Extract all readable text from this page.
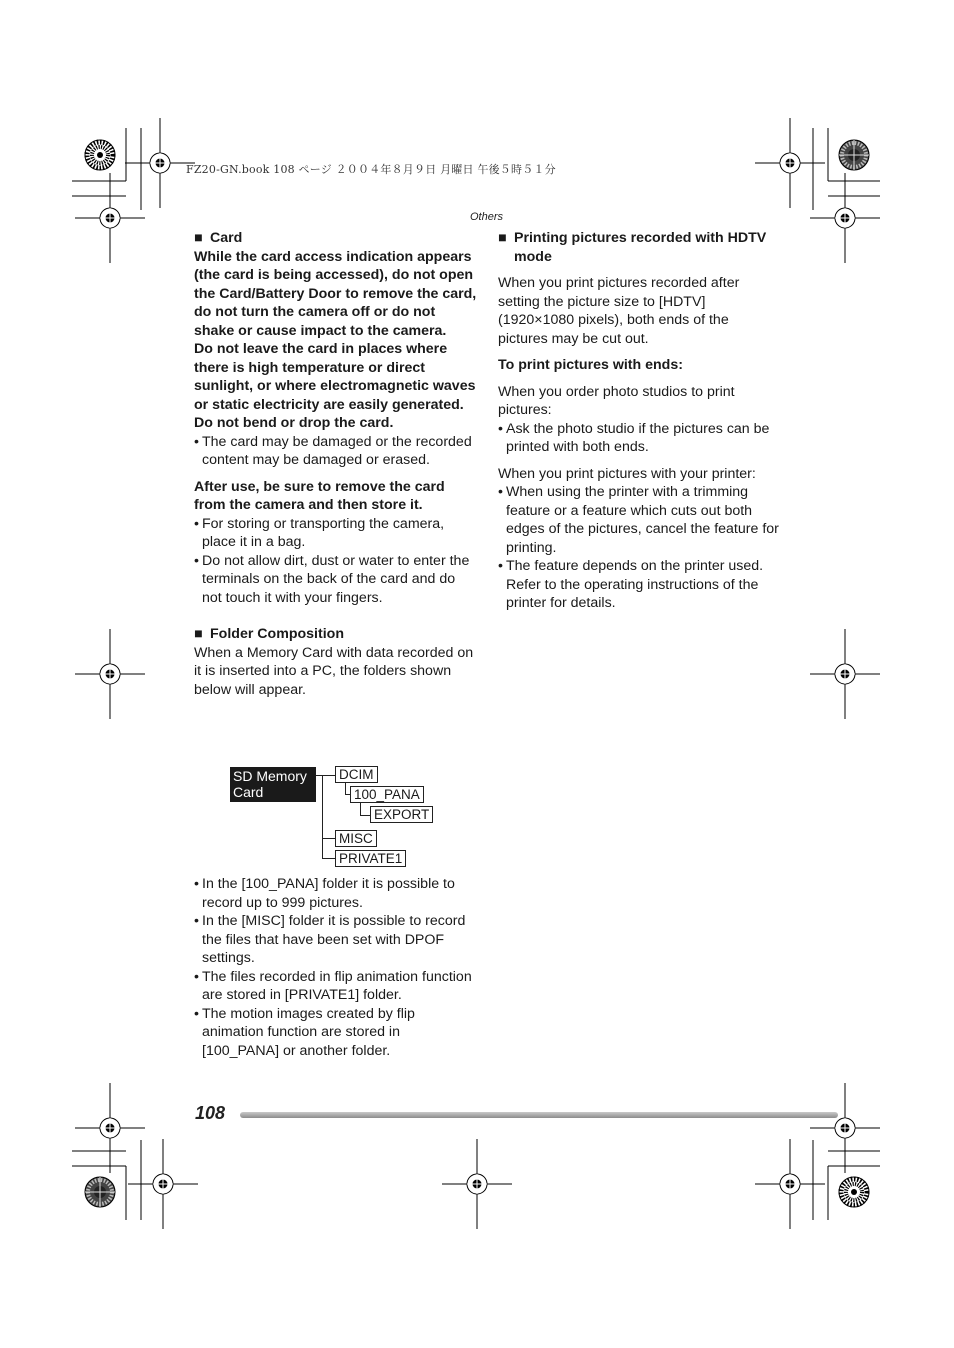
FZ20-GN.book 108 ページ ２００４年８月９日 月曜日 午後５時５１分
Others
■ Card

While the card access indication appears (the card is being accessed), do not open the Card/Battery Door to remove the card, do not turn the camera off or do not shake or cause impact to the camera.

Do not leave the card in places where there is high temperature or direct sunlight, or where electromagnetic waves or static electricity are easily generated.

Do not bend or drop the card.

• The card may be damaged or the recorded content may be damaged or erased.

After use, be sure to remove the card from the camera and then store it.

• For storing or transporting the camera, place it in a bag.
• Do not allow dirt, dust or water to enter the terminals on the back of the card and do not touch it with your fingers.
■ Folder Composition

When a Memory Card with data recorded on it is inserted into a PC, the folders shown below will appear.

SD Memory Card
DCIM
100_PANA
EXPORT
MISC
PRIVATE1
• In the [100_PANA] folder it is possible to record up to 999 pictures.
• In the [MISC] folder it is possible to record the files that have been set with DPOF settings.
• The files recorded in flip animation function are stored in [PRIVATE1] folder.
• The motion images created by flip animation function are stored in [100_PANA] or another folder.
■ Printing pictures recorded with HDTV mode

When you print pictures recorded after setting the picture size to [HDTV] (1920×1080 pixels), both ends of the pictures may be cut out.

To print pictures with ends:

When you order photo studios to print pictures:

• Ask the photo studio if the pictures can be printed with both ends.

When you print pictures with your printer:

• When using the printer with a trimming feature or a feature which cuts out both edges of the pictures, cancel the feature for printing.
• The feature depends on the printer used. Refer to the operating instructions of the printer for details.
108
